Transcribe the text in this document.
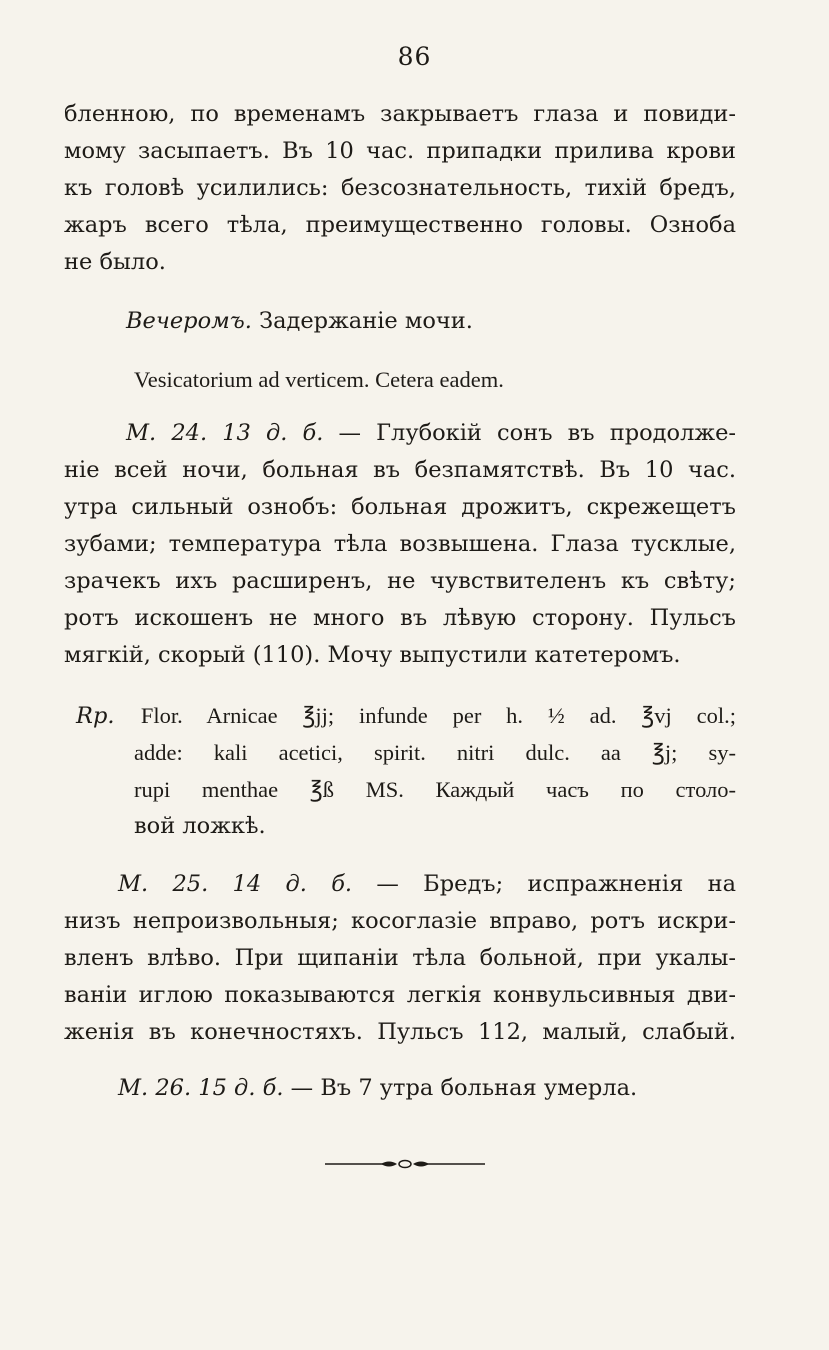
86
бленною, по временамъ закрываетъ глаза и повиди-
мому засыпаетъ. Въ 10 час. припадки прилива крови
къ головѣ усилились: безсознательность, тихій бредъ,
жаръ всего тѣла, преимущественно головы. Озноба
не было.
Вечеромъ. Задержаніе мочи.
Vesicatorium ad verticem. Cetera eadem.
M. 24. 13 д. б. — Глубокій сонъ въ продолже-
ніе всей ночи, больная въ безпамятствѣ. Въ 10 час.
утра сильный ознобъ: больная дрожитъ, скрежещетъ
зубами; температура тѣла возвышена. Глаза тусклые,
зрачекъ ихъ расширенъ, не чувствителенъ къ свѣту;
ротъ искошенъ не много въ лѣвую сторону. Пульсъ
мягкій, скорый (110). Мочу выпустили катетеромъ.
Rp. Flor. Arnicae ℥jj; infunde per h. ½ ad. ℥vj col.;
adde: kali acetici, spirit. nitri dulc. aa ℥j; sy-
rupi menthae ℥ß MS. Каждый часъ по столо-
вой ложкѣ.
M. 25. 14 д. б. — Бредъ; испражненія на
низъ непроизвольныя; косоглазіе вправо, ротъ искри-
вленъ влѣво. При щипаніи тѣла больной, при укалы-
ваніи иглою показываются легкія конвульсивныя дви-
женія въ конечностяхъ. Пульсъ 112, малый, слабый.
M. 26. 15 д. б. — Въ 7 утра больная умерла.
